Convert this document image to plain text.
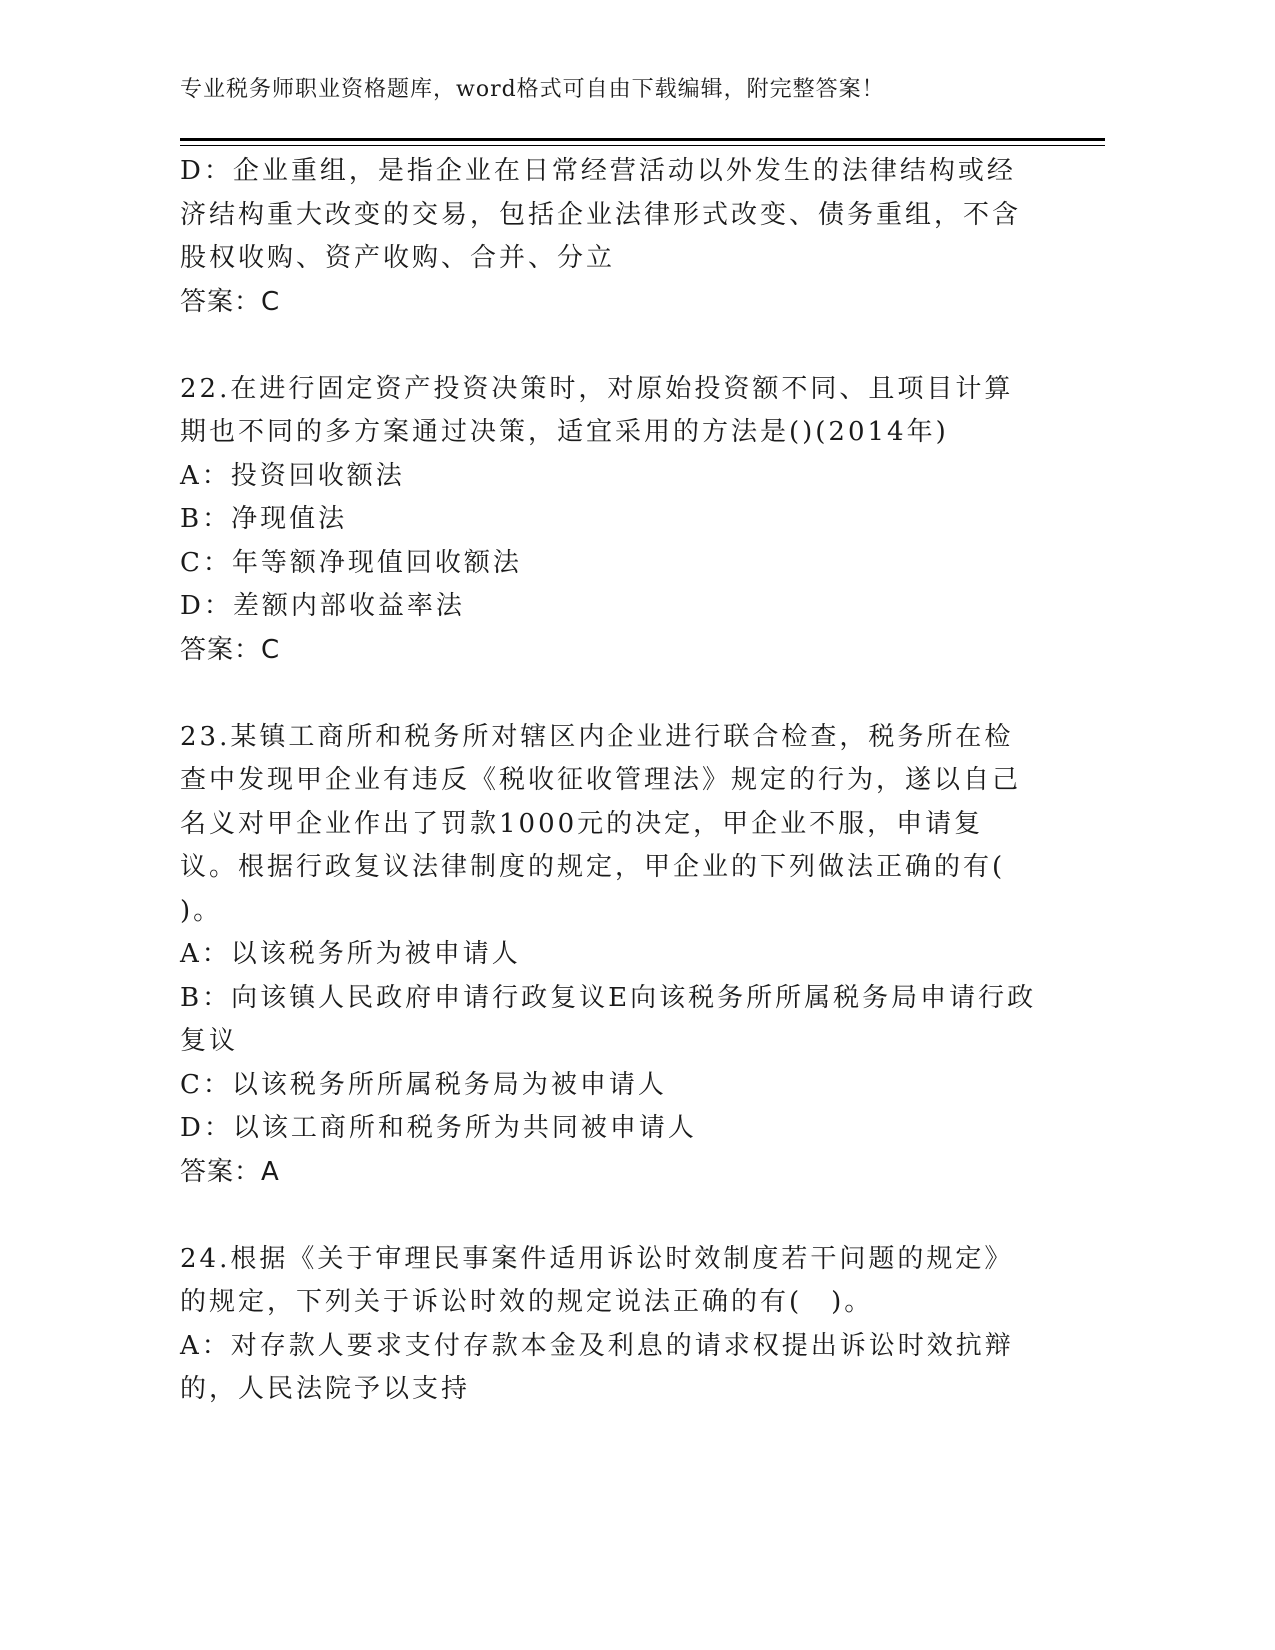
专业税务师职业资格题库，word格式可自由下载编辑，附完整答案！

D：企业重组，是指企业在日常经营活动以外发生的法律结构或经济结构重大改变的交易，包括企业法律形式改变、债务重组，不含股权收购、资产收购、合并、分立

答案：C

22.在进行固定资产投资决策时，对原始投资额不同、且项目计算期也不同的多方案通过决策，适宜采用的方法是()(2014年)

A：投资回收额法

B：净现值法

C：年等额净现值回收额法

D：差额内部收益率法

答案：C

23.某镇工商所和税务所对辖区内企业进行联合检查，税务所在检查中发现甲企业有违反《税收征收管理法》规定的行为，遂以自己名义对甲企业作出了罚款1000元的决定，甲企业不服，申请复议。根据行政复议法律制度的规定，甲企业的下列做法正确的有( )。

A：以该税务所为被申请人

B：向该镇人民政府申请行政复议E向该税务所所属税务局申请行政复议

C：以该税务所所属税务局为被申请人

D：以该工商所和税务所为共同被申请人

答案：A

24.根据《关于审理民事案件适用诉讼时效制度若干问题的规定》的规定，下列关于诉讼时效的规定说法正确的有(　)。

A：对存款人要求支付存款本金及利息的请求权提出诉讼时效抗辩的，人民法院予以支持
